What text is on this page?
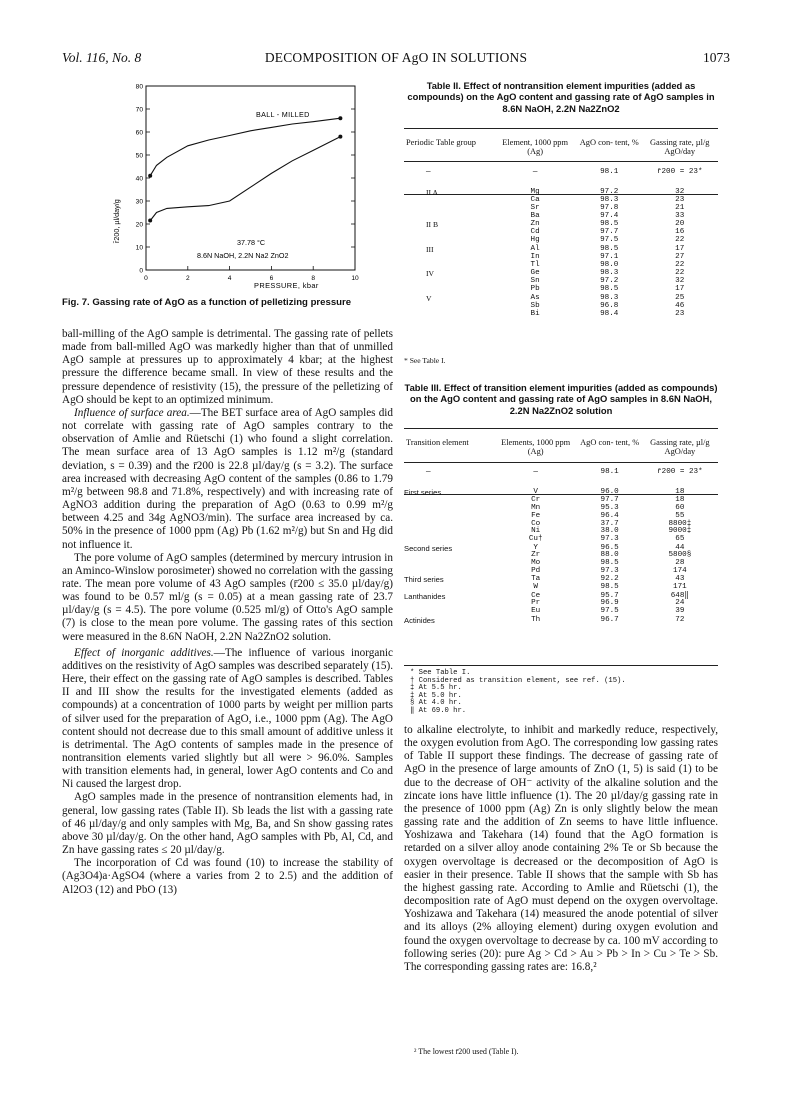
Vol. 116, No. 8	DECOMPOSITION OF AgO IN SOLUTIONS	1073
0	2	4	6	8	10
0
10
20
30
40
50
60
70
80
BALL - MILLED
37.78 °C
8.6N NaOH, 2.2N Na2 ZnO2
PRESSURE, kbar
r̄200, µl/day/g
Fig. 7. Gassing rate of AgO as a function of pelletizing pressure

ball-milling of the AgO sample is detrimental. The gassing rate of pellets made from ball-milled AgO was markedly higher than that of unmilled AgO sample at pressures up to approximately 4 kbar; at the highest pressure the difference became small. In view of these results and the pressure dependence of resistivity (15), the pressure of the pelletizing of AgO should be kept to an optimized minimum.

Influence of surface area.—The BET surface area of AgO samples did not correlate with gassing rate of AgO samples contrary to the observation of Amlie and Rüetschi (1) who found a slight correlation. The mean surface area of 13 AgO samples is 1.12 m²/g (standard deviation, s = 0.39) and the r̄200 is 22.8 µl/day/g (s = 3.2). The surface area increased with decreasing AgO content of the samples (0.86 to 1.79 m²/g between 98.8 and 71.8%, respectively) and with increasing rate of AgNO3 addition during the preparation of AgO (0.63 to 0.99 m²/g between 4.25 and 34g AgNO3/min). The surface area increased by ca. 50% in the presence of 1000 ppm (Ag) Pb (1.62 m²/g) but Sn and Hg did not influence it.

The pore volume of AgO samples (determined by mercury intrusion in an Aminco-Winslow porosimeter) showed no correlation with the gassing rate. The mean pore volume of 43 AgO samples (r̄200 ≤ 35.0 µl/day/g) was found to be 0.57 ml/g (s = 0.05) at a mean gassing rate of 23.7 µl/day/g (s = 4.5). The pore volume (0.525 ml/g) of Otto's AgO sample (7) is close to the mean pore volume. The gassing rates of this section were measured in the 8.6N NaOH, 2.2N Na2ZnO2 solution.

Effect of inorganic additives.—The influence of various inorganic additives on the resistivity of AgO samples was described separately (15). Here, their effect on the gassing rate of AgO samples is described. Tables II and III show the results for the investigated elements (added as compounds) at a concentration of 1000 parts by weight per million parts of silver used for the preparation of AgO, i.e., 1000 ppm (Ag). The AgO content should not decrease due to this small amount of additive unless it is detrimental. The AgO contents of samples made in the presence of nontransition elements varied slightly but all were > 96.0%. Samples with transition elements had, in general, lower AgO contents and Co and Ni caused the largest drop.

AgO samples made in the presence of nontransition elements had, in general, low gassing rates (Table II). Sb leads the list with a gassing rate of 46 µl/day/g and only samples with Mg, Ba, and Sn show gassing rates above 30 µl/day/g. On the other hand, AgO samples with Pb, Al, Cd, and Zn have gassing rates ≤ 20 µl/day/g.

The incorporation of Cd was found (10) to increase the stability of (Ag3O4)a·AgSO4 (where a varies from 2 to 2.5) and the addition of Al2O3 (12) and PbO (13)

Table II. Effect of nontransition element impurities (added as compounds) on the AgO content and gassing rate of AgO samples in 8.6N NaOH, 2.2N Na2ZnO2
Periodic Table group	Element, 1000 ppm (Ag)	AgO con- tent, %	Gassing rate, µl/g AgO/day

—	—	98.1	r̄200 = 23*

II A	Mg	97.2	32
	Ca	98.3	23
	Sr	97.8	21
	Ba	97.4	33

II B	Zn	98.5	20
	Cd	97.7	16
	Hg	97.5	22

III	Al	98.5	17
	In	97.1	27
	Tl	98.0	22

IV	Ge	98.3	22
	Sn	97.2	32
	Pb	98.5	17

V	As	98.3	25
	Sb	96.8	46
	Bi	98.4	23

* See Table I.
Table III. Effect of transition element impurities (added as compounds) on the AgO content and gassing rate of AgO samples in 8.6N NaOH, 2.2N Na2ZnO2 solution
Transition element	Elements, 1000 ppm (Ag)	AgO con- tent, %	Gassing rate, µl/g AgO/day

—	—	98.1	r̄200 = 23*

First series	V	96.0	18
	Cr	97.7	18
	Mn	95.3	60
	Fe	96.4	55
	Co	37.7	8800‡
	Ni	38.0	9000‡
	Cu†	97.3	65

Second series	Y	96.5	44
	Zr	88.0	5800§
	Mo	98.5	28
	Pd	97.3	174

Third series	Ta	92.2	43
	W	98.5	171

Lanthanides	Ce	95.7	648‖
	Pr	96.9	24
	Eu	97.5	39

Actinides	Th	96.7	72

* See Table I.
† Considered as transition element, see ref. (15).
‡ At 5.5 hr.
‡ At 5.0 hr.
§ At 4.0 hr.
‖ At 69.0 hr.

to alkaline electrolyte, to inhibit and markedly reduce, respectively, the oxygen evolution from AgO. The corresponding low gassing rates of Table II support these findings. The decrease of gassing rate of AgO in the presence of large amounts of ZnO (1, 5) is said (1) to be due to the decrease of OH⁻ activity of the alkaline solution and the zincate ions have little influence (1). The 20 µl/day/g gassing rate in the presence of 1000 ppm (Ag) Zn is only slightly below the mean gassing rate and the addition of Zn seems to have little influence. Yoshizawa and Takehara (14) found that the AgO formation is retarded on a silver alloy anode containing 2% Te or Sb because the oxygen overvoltage is decreased or the decomposition of AgO is easier in their presence. Table II shows that the sample with Sb has the highest gassing rate. According to Amlie and Rüetschi (1), the decomposition rate of AgO must depend on the oxygen overvoltage. Yoshizawa and Takehara (14) measured the anode potential of silver and its alloys (2% alloying element) during oxygen evolution and found the oxygen overvoltage to decrease by ca. 100 mV according to following series (20): pure Ag > Cd > Au > Pb > In > Cu > Te > Sb. The corresponding gassing rates are: 16.8,²

² The lowest r̄200 used (Table I).
